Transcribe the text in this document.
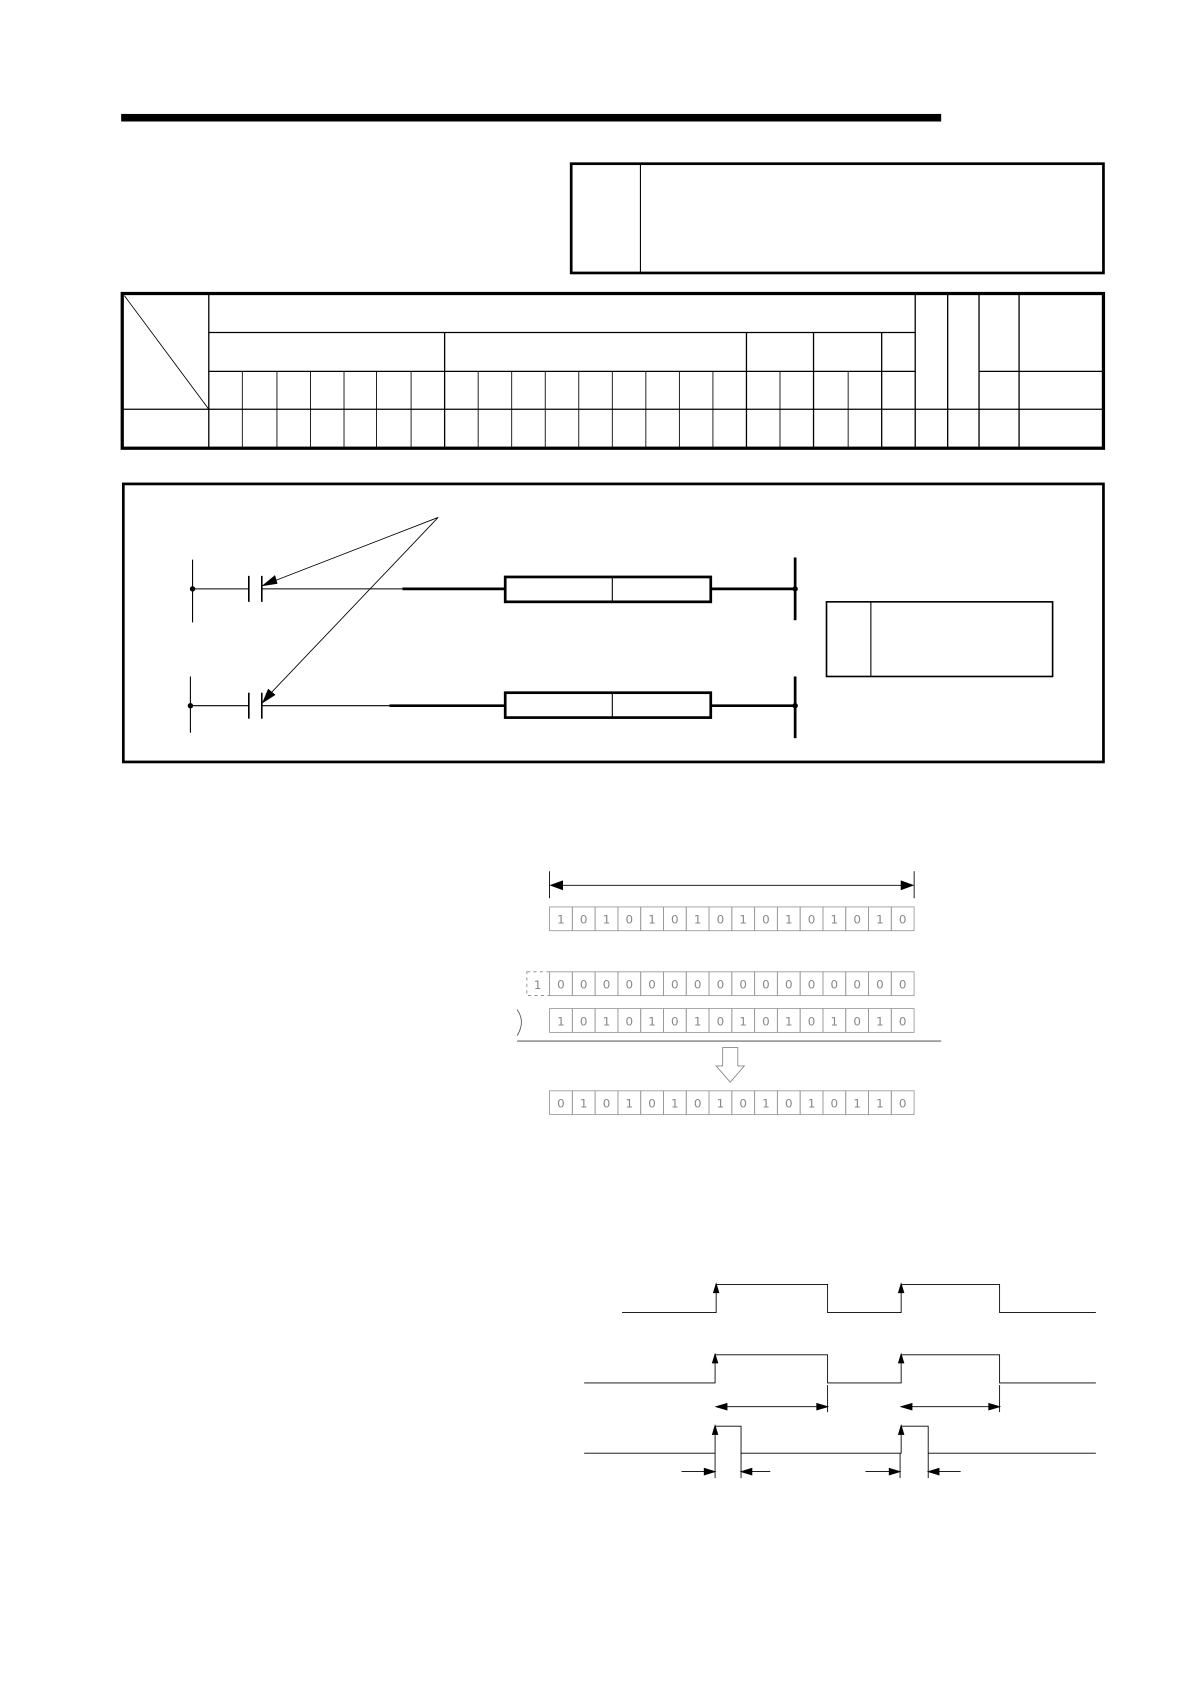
1
1 0 1 0 1 0 1 0 1 0 1 0 1 0 1 0
0 0 0 0 0 0 0 0 0 0 0 0 0 0 0 0
1 0 1 0 1 0 1 0 1 0 1 0 1 0 1 0
0 1 0 1 0 1 0 1 0 1 0 1 0 1 1 0
